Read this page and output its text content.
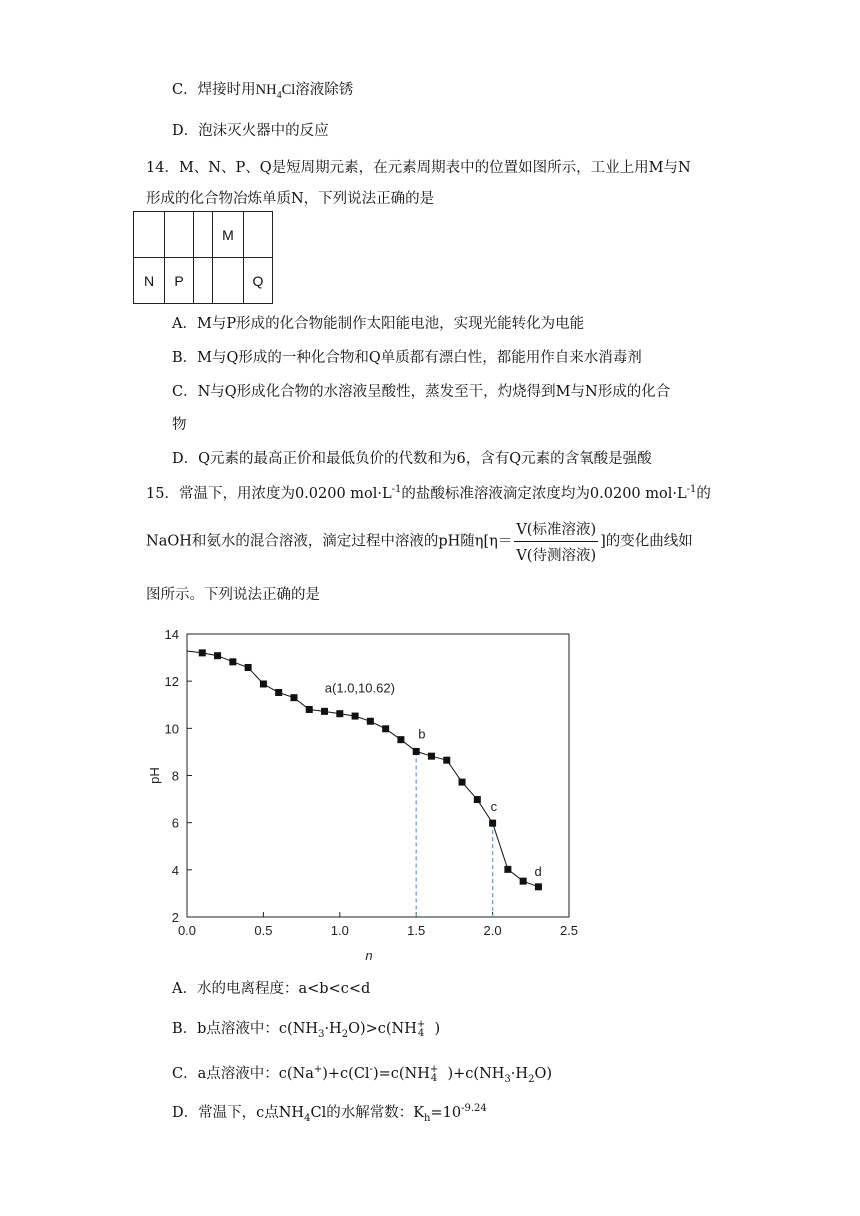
C．焊接时用$NH_4Cl$溶液除锈
D．泡沫灭火器中的反应
14．M、N、P、Q是短周期元素，在元素周期表中的位置如图所示，工业上用M与N
形成的化合物冶炼单质N，下列说法正确的是
			M	
N	P			Q
A．M与P形成的化合物能制作太阳能电池，实现光能转化为电能
B．M与Q形成的一种化合物和Q单质都有漂白性，都能用作自来水消毒剂
C．N与Q形成化合物的水溶液呈酸性，蒸发至干，灼烧得到M与N形成的化合
物
D．Q元素的最高正价和最低负价的代数和为6，含有Q元素的含氧酸是强酸
15．常温下，用浓度为0.0200 $mol\cdot L^{-1}$的盐酸标准溶液滴定浓度均为0.0200 $mol\cdot L^{-1}$的
NaOH和氨水的混合溶液，滴定过程中溶液的pH随$\eta[\eta= \frac{\text{V(标准溶液)}}{\text{V(待测溶液)}}$ ]的变化曲线如
图所示。下列说法正确的是
0.0	0.5	1.0	1.5	2.0	2.5
2
4
6
8
10
12
14
n
pH
a(1.0,10.62)
b
c
d
A．水的电离程度：a<b<c<d
B．b点溶液中：$c(NH_3\cdot H_2O)>c(NH$ +
4 )
C．a点溶液中：c(Na+)+c(Cl-)=c(NH +
4 )$+c(NH_3\cdot H_2O)$
D．常温下，c点$NH_4Cl$的水解常数：$K_h=10^{-9.24}$
